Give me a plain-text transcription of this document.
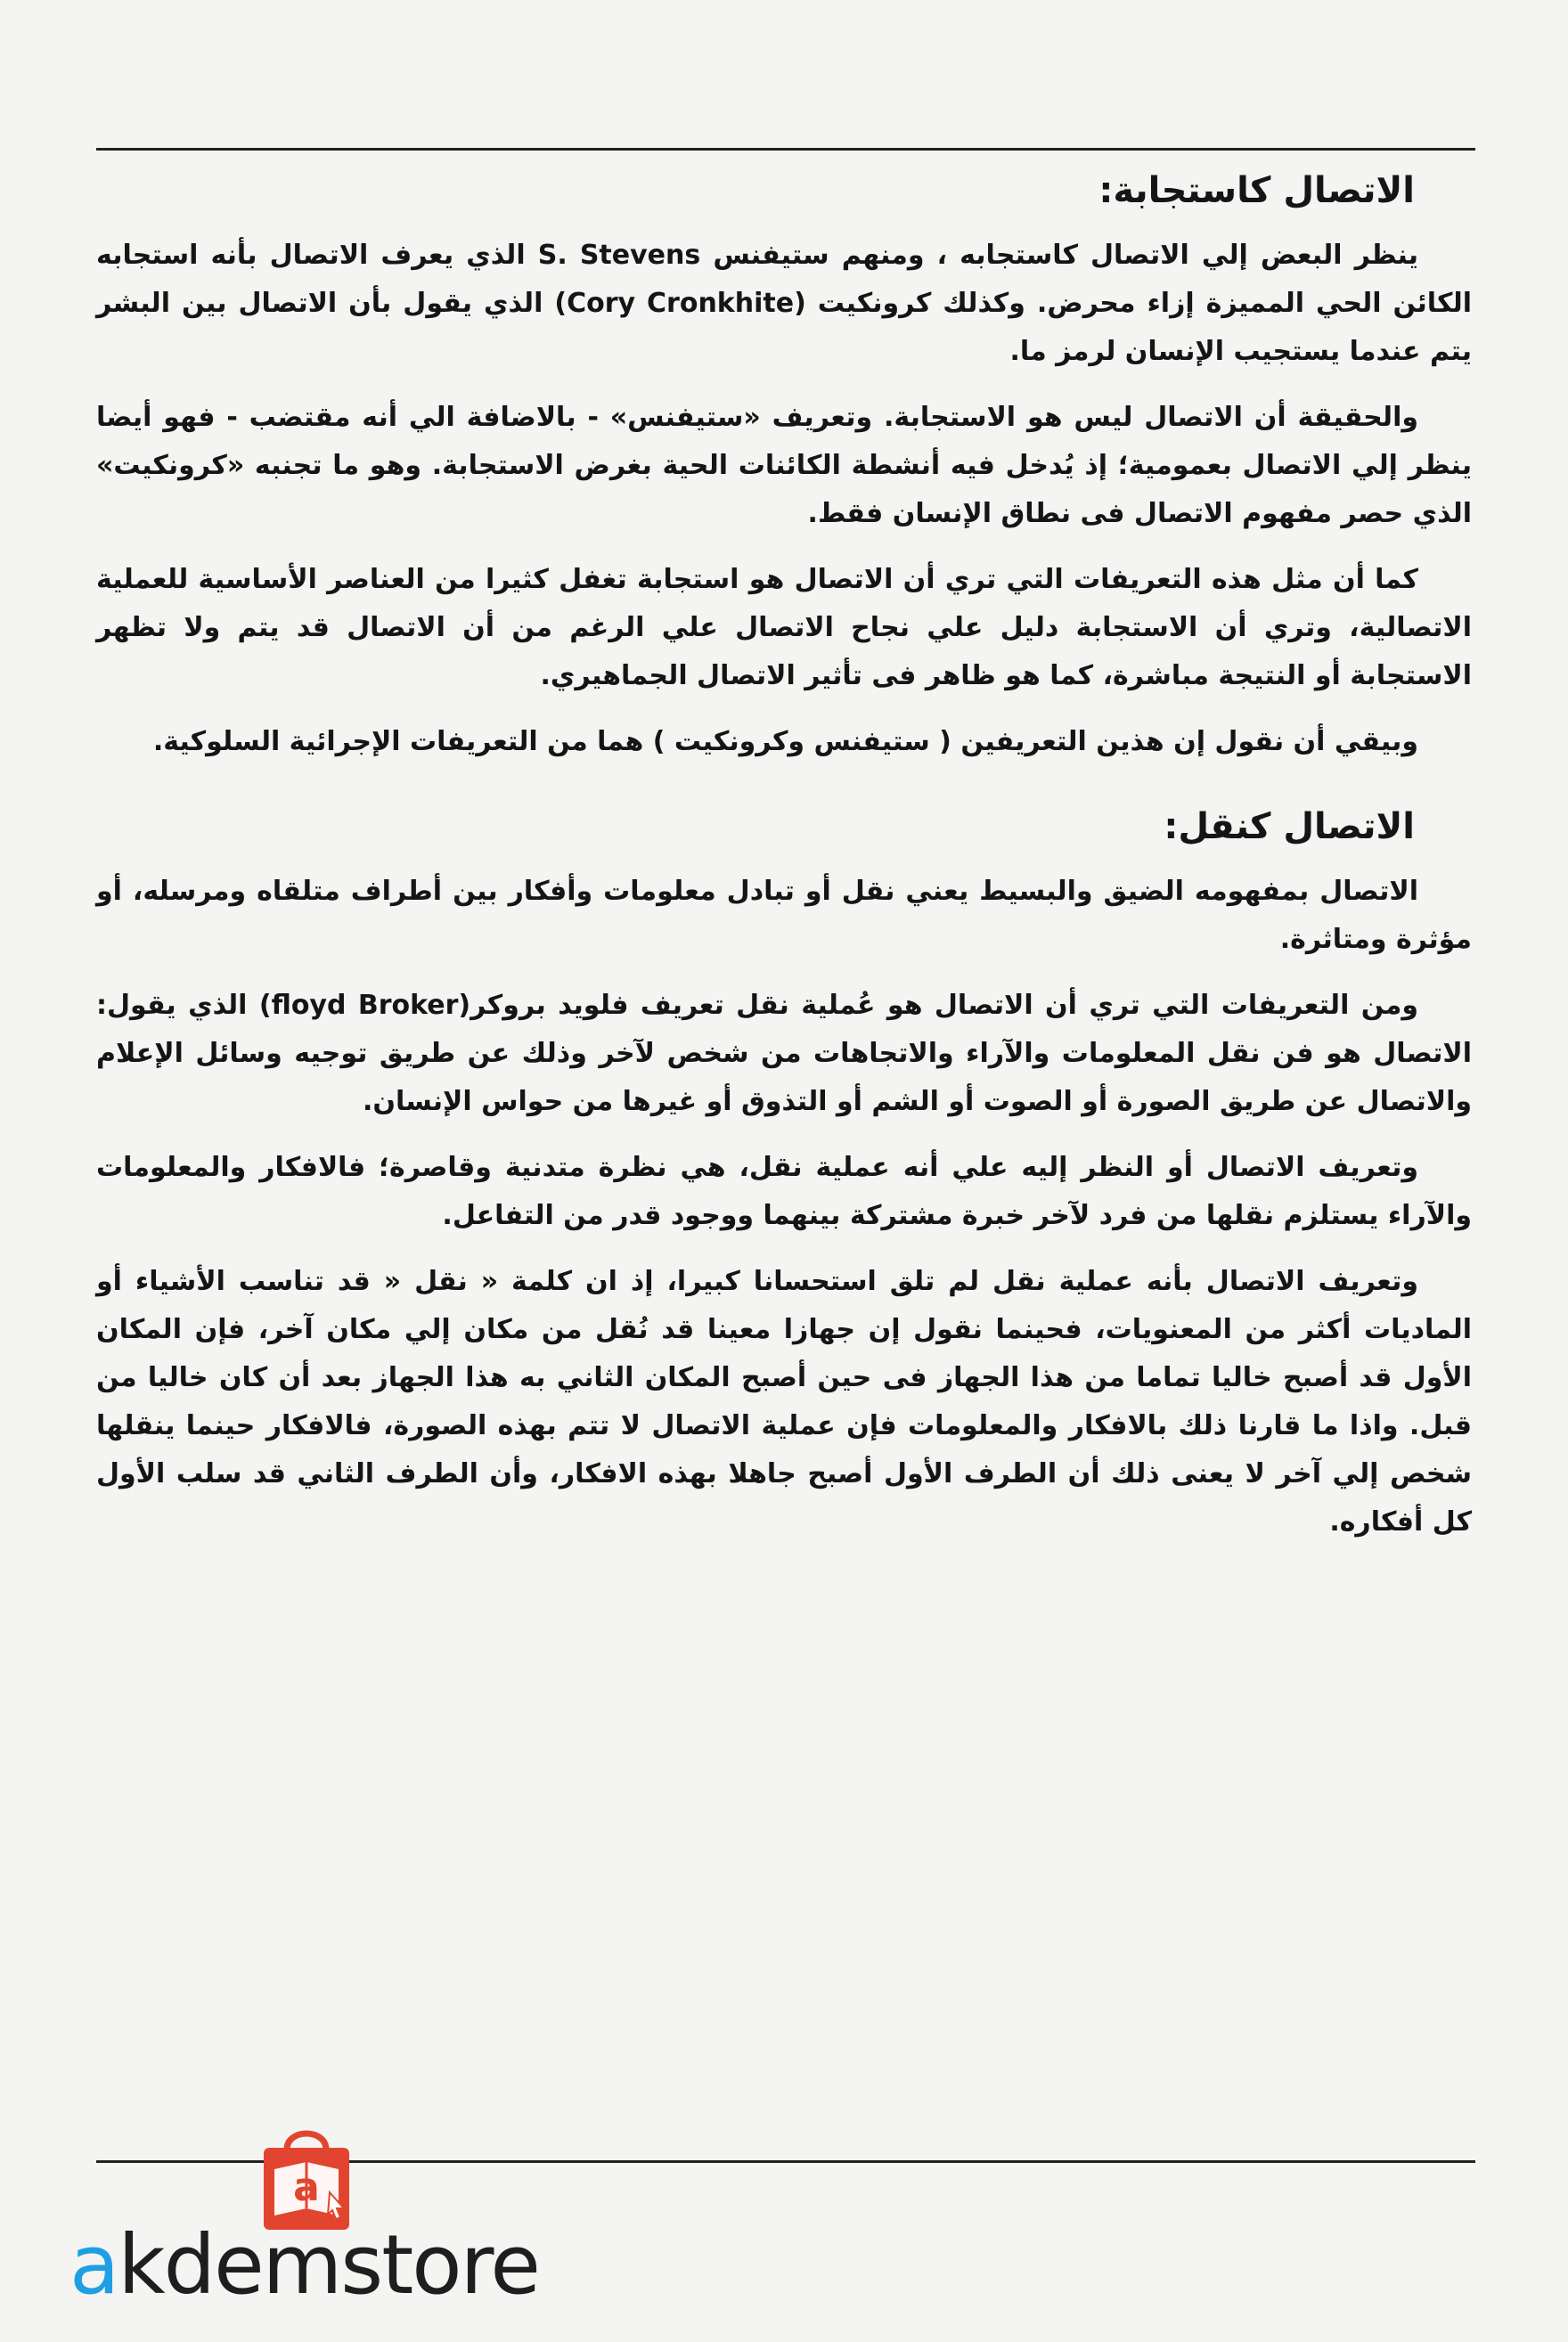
الاتصال كاستجابة:

ينظر البعض إلي الاتصال كاستجابه ، ومنهم ستيفنس S. Stevens الذي يعرف الاتصال بأنه استجابه الكائن الحي المميزة إزاء محرض. وكذلك كرونكيت (Cory Cronkhite) الذي يقول بأن الاتصال بين البشر يتم عندما يستجيب الإنسان لرمز ما.

والحقيقة أن الاتصال ليس هو الاستجابة. وتعريف «ستيفنس» - بالاضافة الي أنه مقتضب - فهو أيضا ينظر إلي الاتصال بعمومية؛ إذ يُدخل فيه أنشطة الكائنات الحية بغرض الاستجابة. وهو ما تجنبه «كرونكيت» الذي حصر مفهوم الاتصال فى نطاق الإنسان فقط.

كما أن مثل هذه التعريفات التي تري أن الاتصال هو استجابة تغفل كثيرا من العناصر الأساسية للعملية الاتصالية، وتري أن الاستجابة دليل علي نجاح الاتصال علي الرغم من أن الاتصال قد يتم ولا تظهر الاستجابة أو النتيجة مباشرة، كما هو ظاهر فى تأثير الاتصال الجماهيري.

وبيقي أن نقول إن هذين التعريفين ( ستيفنس وكرونكيت ) هما من التعريفات الإجرائية السلوكية.

الاتصال كنقل:

الاتصال بمفهومه الضيق والبسيط يعني نقل أو تبادل معلومات وأفكار بين أطراف متلقاه ومرسله، أو مؤثرة ومتاثرة.

ومن التعريفات التي تري أن الاتصال هو عُملية نقل تعريف فلويد بروكر(floyd Broker) الذي يقول: الاتصال هو فن نقل المعلومات والآراء والاتجاهات من شخص لآخر وذلك عن طريق توجيه وسائل الإعلام والاتصال عن طريق الصورة أو الصوت أو الشم أو التذوق أو غيرها من حواس الإنسان.

وتعريف الاتصال أو النظر إليه علي أنه عملية نقل، هي نظرة متدنية وقاصرة؛ فالافكار والمعلومات والآراء يستلزم نقلها من فرد لآخر خبرة مشتركة بينهما ووجود قدر من التفاعل.

وتعريف الاتصال بأنه عملية نقل لم تلق استحسانا كبيرا، إذ ان كلمة « نقل « قد تناسب الأشياء أو الماديات أكثر من المعنويات، فحينما نقول إن جهازا معينا قد نُقل من مكان إلي مكان آخر، فإن المكان الأول قد أصبح خاليا تماما من هذا الجهاز فى حين أصبح المكان الثاني به هذا الجهاز بعد أن كان خاليا من قبل. واذا ما قارنا ذلك بالافكار والمعلومات فإن عملية الاتصال لا تتم بهذه الصورة، فالافكار حينما ينقلها شخص إلي آخر لا يعنى ذلك أن الطرف الأول أصبح جاهلا بهذه الافكار، وأن الطرف الثاني قد سلب الأول كل أفكاره.

a
akdemstore
